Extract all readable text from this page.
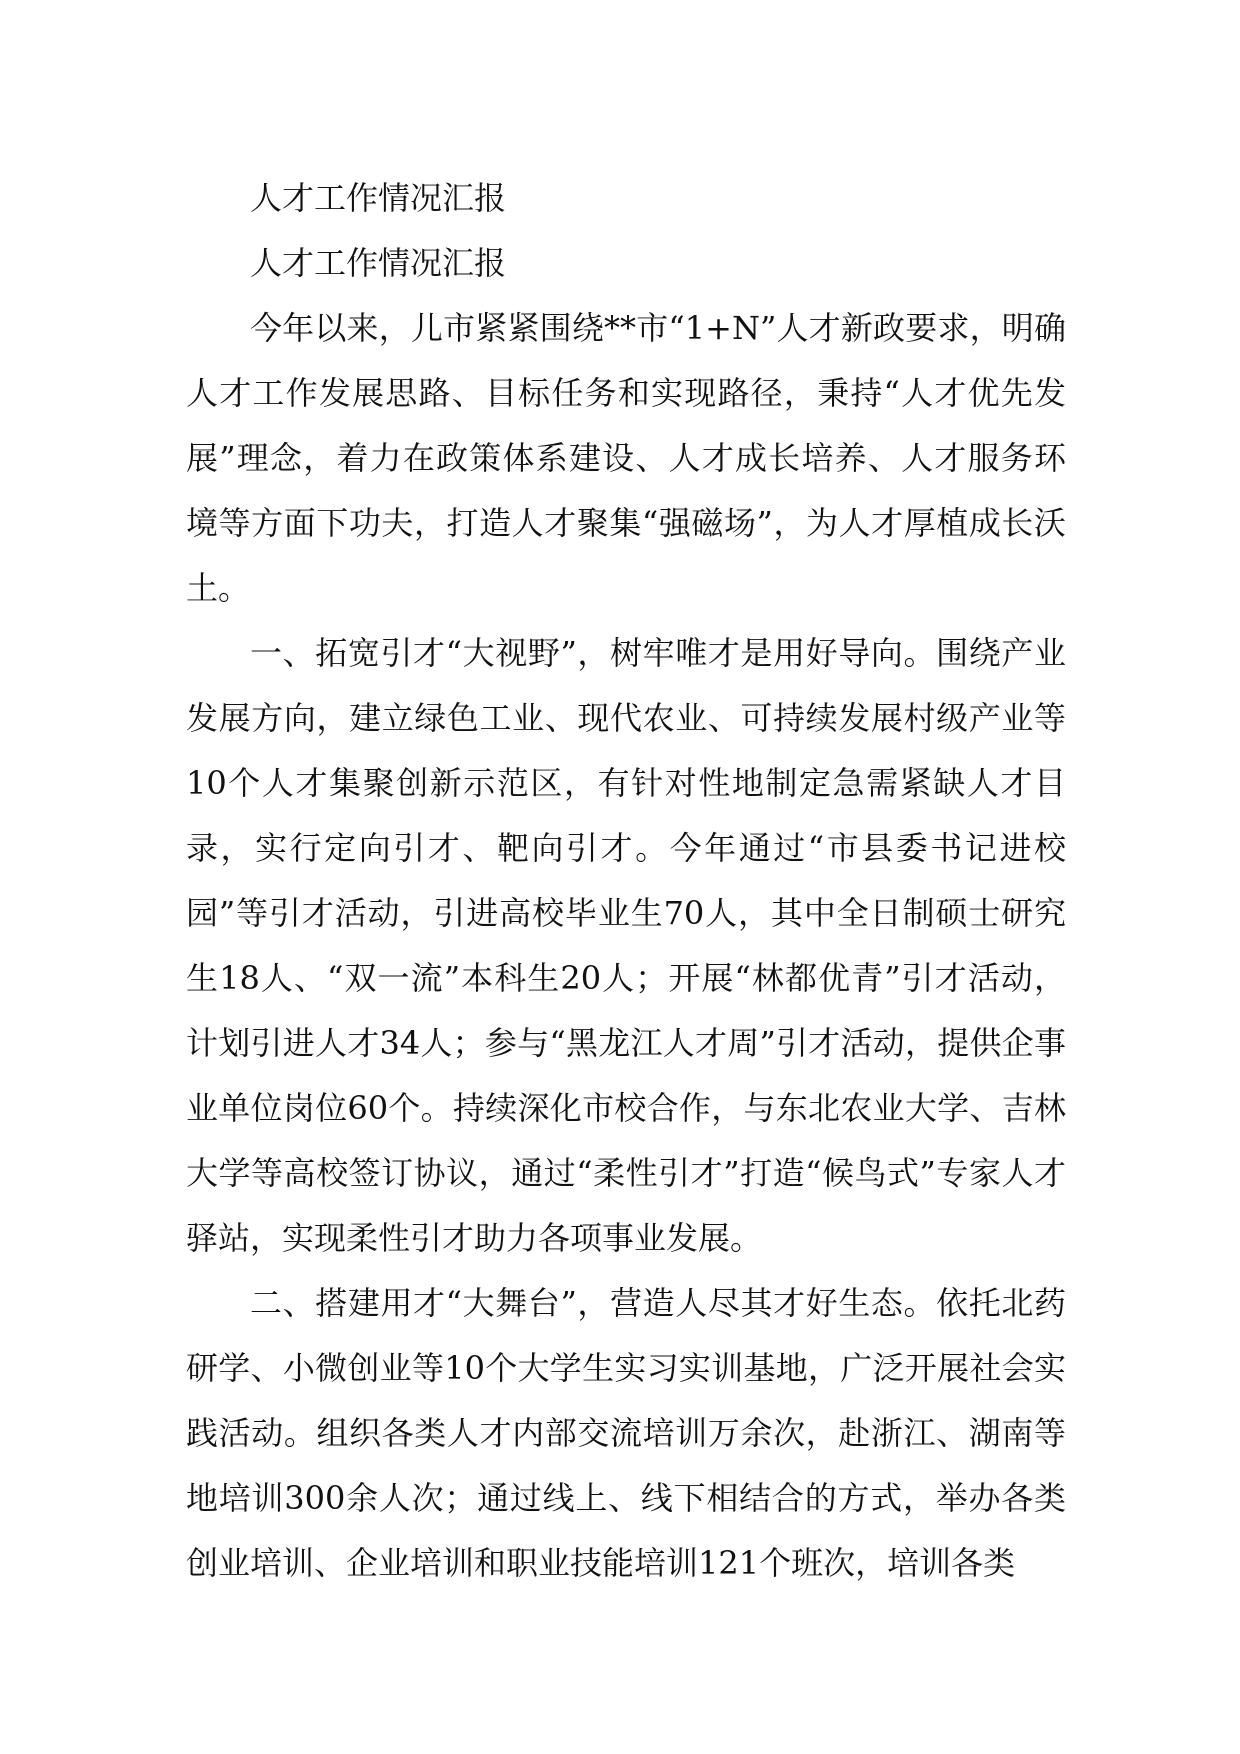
人才工作情况汇报

人才工作情况汇报

今年以来，儿市紧紧围绕**市“1+N”人才新政要求，明确人才工作发展思路、目标任务和实现路径，秉持“人才优先发展”理念，着力在政策体系建设、人才成长培养、人才服务环境等方面下功夫，打造人才聚集“强磁场”，为人才厚植成长沃土。

一、拓宽引才“大视野”，树牢唯才是用好导向。围绕产业发展方向，建立绿色工业、现代农业、可持续发展村级产业等10个人才集聚创新示范区，有针对性地制定急需紧缺人才目录，实行定向引才、靶向引才。今年通过“市县委书记进校园”等引才活动，引进高校毕业生70人，其中全日制硕士研究生18人、“双一流”本科生20人；开展“林都优青”引才活动，计划引进人才34人；参与“黑龙江人才周”引才活动，提供企事业单位岗位60个。持续深化市校合作，与东北农业大学、吉林大学等高校签订协议，通过“柔性引才”打造“候鸟式”专家人才驿站，实现柔性引才助力各项事业发展。

二、搭建用才“大舞台”，营造人尽其才好生态。依托北药研学、小微创业等10个大学生实习实训基地，广泛开展社会实践活动。组织各类人才内部交流培训万余次，赴浙江、湖南等地培训300余人次；通过线上、线下相结合的方式，举办各类创业培训、企业培训和职业技能培训121个班次，培训各类
